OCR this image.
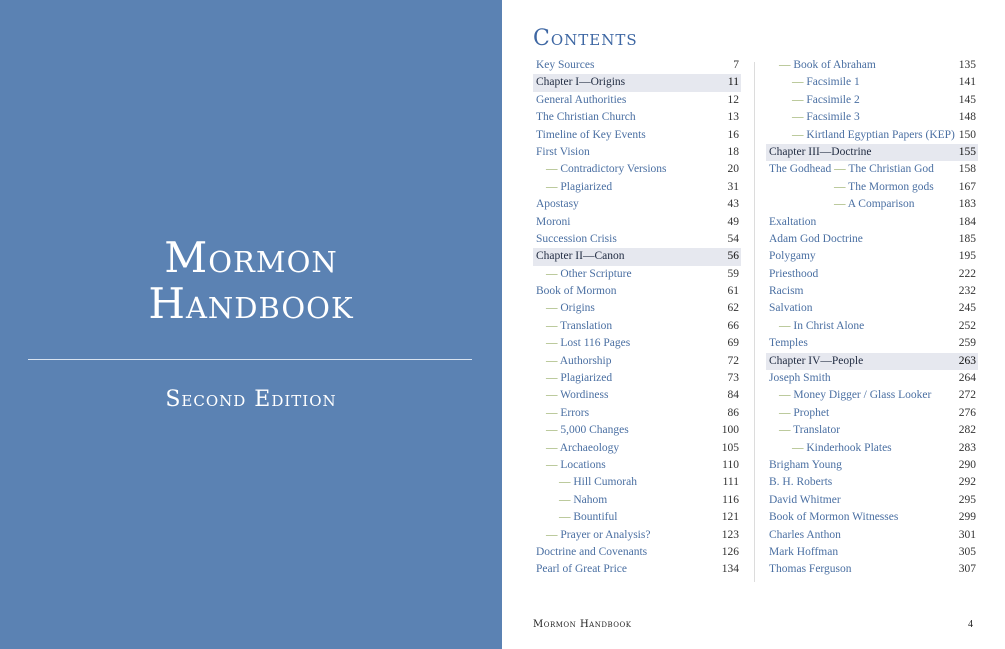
Mormon
Handbook
Second Edition
Contents
Key Sources	7
Chapter I—Origins	11
General Authorities	12
The Christian Church	13
Timeline of Key Events	16
First Vision	18
— Contradictory Versions	20
— Plagiarized	31
Apostasy	43
Moroni	49
Succession Crisis	54
Chapter II—Canon	56
— Other Scripture	59
Book of Mormon	61
— Origins	62
— Translation	66
— Lost 116 Pages	69
— Authorship	72
— Plagiarized	73
— Wordiness	84
— Errors	86
— 5,000 Changes	100
— Archaeology	105
— Locations	110
— Hill Cumorah	111
— Nahom	116
— Bountiful	121
— Prayer or Analysis?	123
Doctrine and Covenants	126
Pearl of Great Price	134
— Book of Abraham	135
— Facsimile 1	141
— Facsimile 2	145
— Facsimile 3	148
— Kirtland Egyptian Papers (KEP) 150
Chapter III—Doctrine	155
The Godhead — The Christian God 158
— The Mormon gods 167
— A Comparison	183
Exaltation	184
Adam God Doctrine	185
Polygamy	195
Priesthood	222
Racism	232
Salvation	245
— In Christ Alone	252
Temples	259
Chapter IV—People	263
Joseph Smith	264
— Money Digger / Glass Looker 272
— Prophet	276
— Translator	282
— Kinderhook Plates	283
Brigham Young	290
B. H. Roberts	292
David Whitmer	295
Book of Mormon Witnesses	299
Charles Anthon	301
Mark Hoffman	305
Thomas Ferguson	307
Mormon Handbook	4
